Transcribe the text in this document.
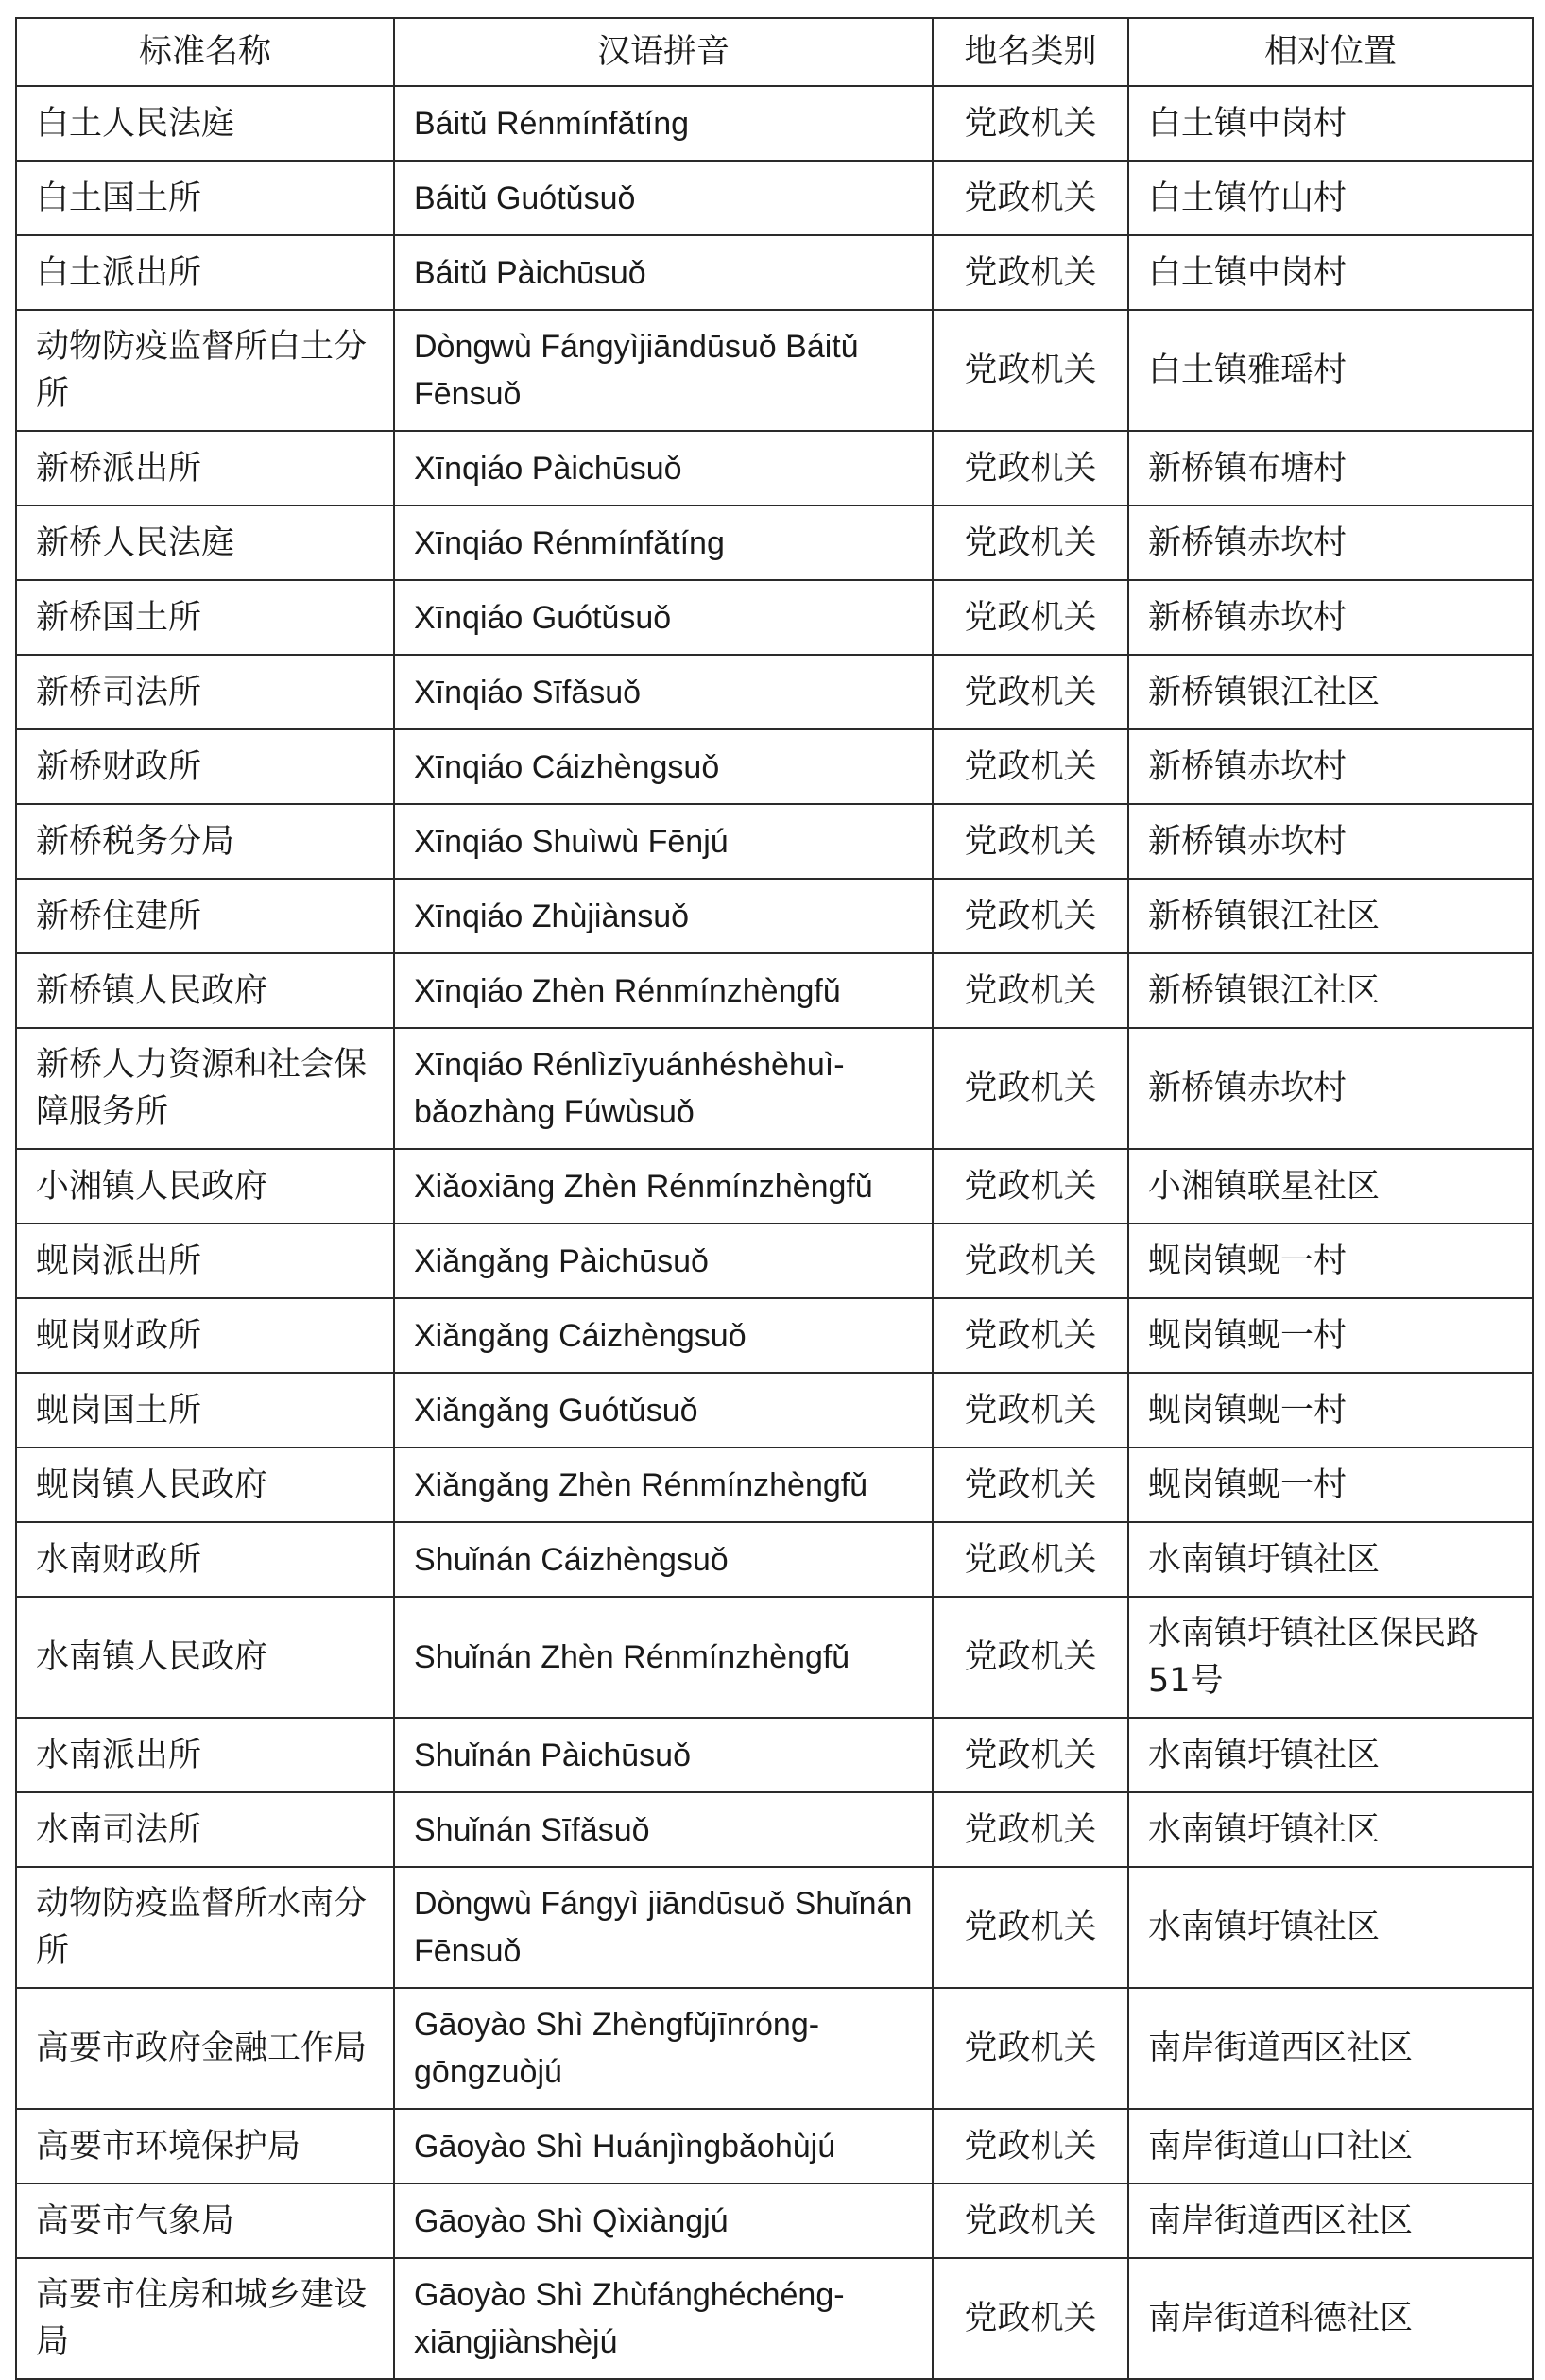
标准名称	汉语拼音	地名类别	相对位置
白土人民法庭	Báitǔ Rénmínfǎtíng	党政机关	白土镇中岗村
白土国土所	Báitǔ Guótǔsuǒ	党政机关	白土镇竹山村
白土派出所	Báitǔ Pàichūsuǒ	党政机关	白土镇中岗村
动物防疫监督所白土分所	Dòngwù Fángyìjiāndūsuǒ Báitǔ Fēnsuǒ	党政机关	白土镇雅瑶村
新桥派出所	Xīnqiáo Pàichūsuǒ	党政机关	新桥镇布塘村
新桥人民法庭	Xīnqiáo Rénmínfǎtíng	党政机关	新桥镇赤坎村
新桥国土所	Xīnqiáo Guótǔsuǒ	党政机关	新桥镇赤坎村
新桥司法所	Xīnqiáo Sīfǎsuǒ	党政机关	新桥镇银江社区
新桥财政所	Xīnqiáo Cáizhèngsuǒ	党政机关	新桥镇赤坎村
新桥税务分局	Xīnqiáo Shuìwù Fēnjú	党政机关	新桥镇赤坎村
新桥住建所	Xīnqiáo Zhùjiànsuǒ	党政机关	新桥镇银江社区
新桥镇人民政府	Xīnqiáo Zhèn Rénmínzhèngfǔ	党政机关	新桥镇银江社区
新桥人力资源和社会保障服务所	Xīnqiáo Rénlìzīyuánhéshèhuì-bǎozhàng Fúwùsuǒ	党政机关	新桥镇赤坎村
小湘镇人民政府	Xiǎoxiāng Zhèn Rénmínzhèngfǔ	党政机关	小湘镇联星社区
蚬岗派出所	Xiǎngǎng Pàichūsuǒ	党政机关	蚬岗镇蚬一村
蚬岗财政所	Xiǎngǎng Cáizhèngsuǒ	党政机关	蚬岗镇蚬一村
蚬岗国土所	Xiǎngǎng Guótǔsuǒ	党政机关	蚬岗镇蚬一村
蚬岗镇人民政府	Xiǎngǎng Zhèn Rénmínzhèngfǔ	党政机关	蚬岗镇蚬一村
水南财政所	Shuǐnán Cáizhèngsuǒ	党政机关	水南镇圩镇社区
水南镇人民政府	Shuǐnán Zhèn Rénmínzhèngfǔ	党政机关	水南镇圩镇社区保民路51号
水南派出所	Shuǐnán Pàichūsuǒ	党政机关	水南镇圩镇社区
水南司法所	Shuǐnán Sīfǎsuǒ	党政机关	水南镇圩镇社区
动物防疫监督所水南分所	Dòngwù Fángyì jiāndūsuǒ Shuǐnán Fēnsuǒ	党政机关	水南镇圩镇社区
高要市政府金融工作局	Gāoyào Shì Zhèngfǔjīnróng-gōngzuòjú	党政机关	南岸街道西区社区
高要市环境保护局	Gāoyào Shì Huánjìngbǎohùjú	党政机关	南岸街道山口社区
高要市气象局	Gāoyào Shì Qìxiàngjú	党政机关	南岸街道西区社区
高要市住房和城乡建设局	Gāoyào Shì Zhùfánghéchéng-xiāngjiànshèjú	党政机关	南岸街道科德社区
